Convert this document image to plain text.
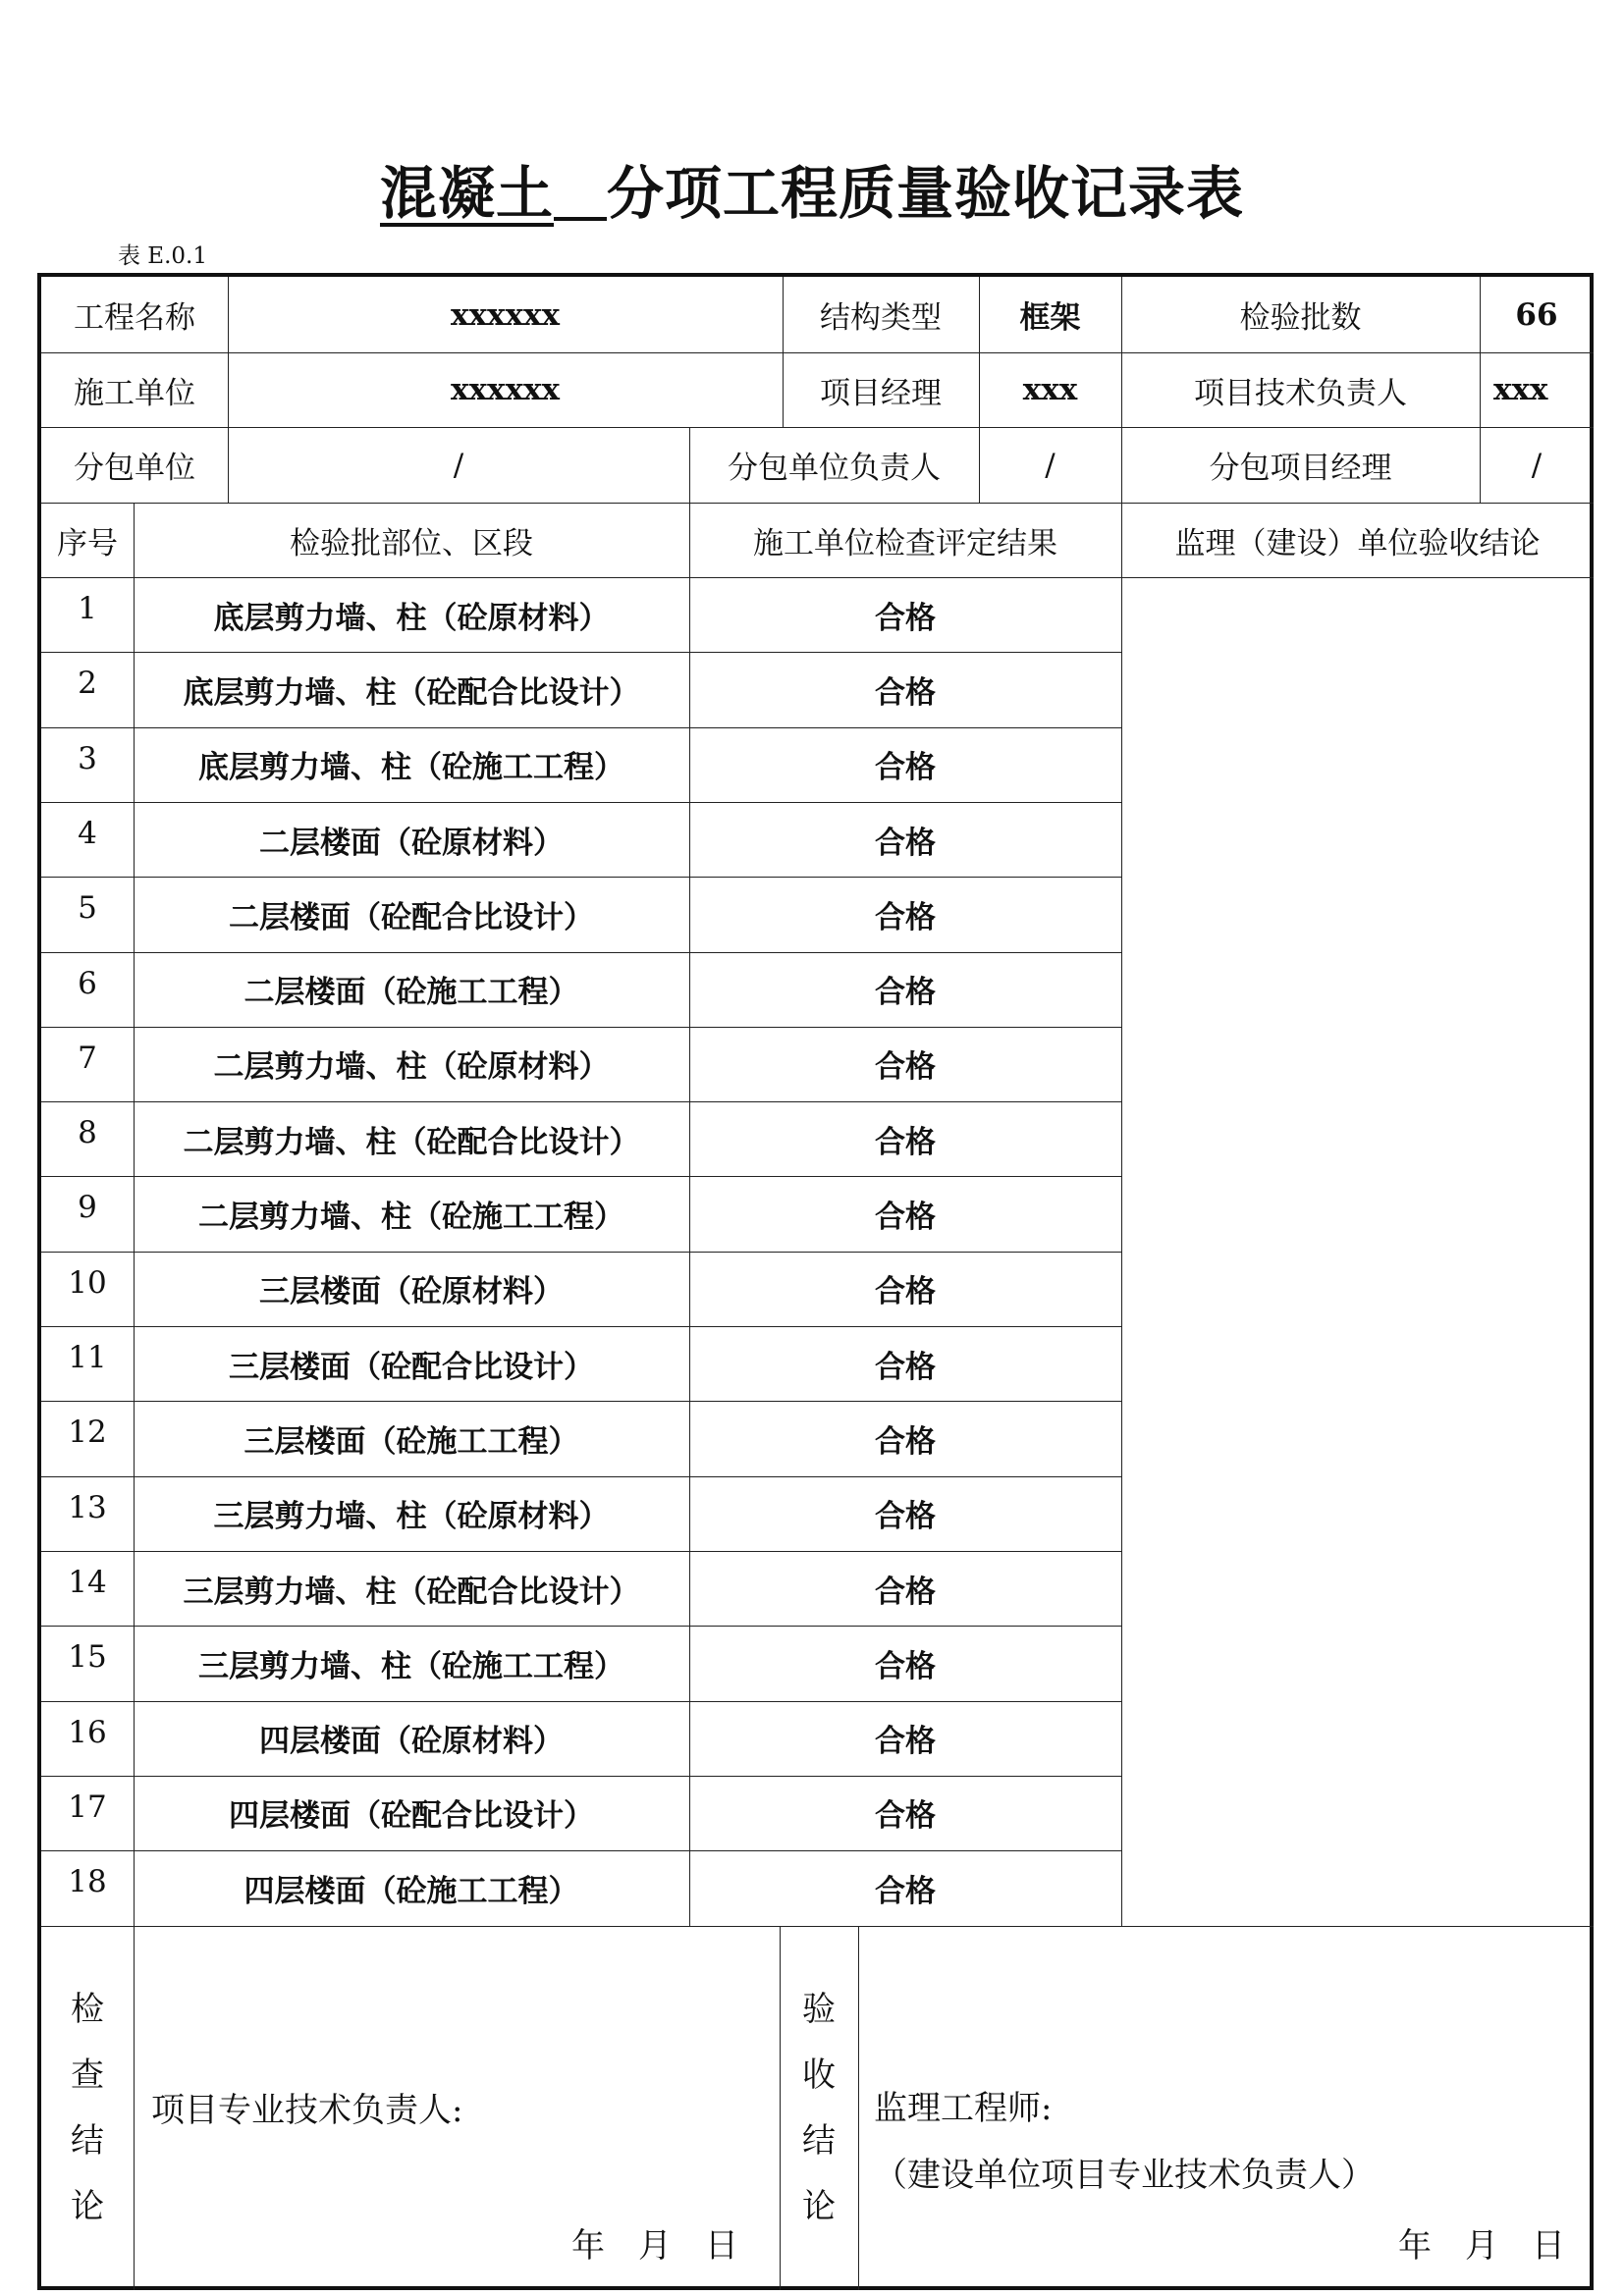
混凝土 分项工程质量验收记录表
表 E.0.1
工程名称	xxxxxx	结构类型	框架	检验批数	66
施工单位	xxxxxx	项目经理	xxx	项目技术负责人	xxx
分包单位	/	分包单位负责人	/	分包项目经理	/
序号	检验批部位、区段	施工单位检查评定结果	监理（建设）单位验收结论
1	底层剪力墙、柱（砼原材料）	合格
2	底层剪力墙、柱（砼配合比设计）	合格
3	底层剪力墙、柱（砼施工工程）	合格
4	二层楼面（砼原材料）	合格
5	二层楼面（砼配合比设计）	合格
6	二层楼面（砼施工工程）	合格
7	二层剪力墙、柱（砼原材料）	合格
8	二层剪力墙、柱（砼配合比设计）	合格
9	二层剪力墙、柱（砼施工工程）	合格
10	三层楼面（砼原材料）	合格
11	三层楼面（砼配合比设计）	合格
12	三层楼面（砼施工工程）	合格
13	三层剪力墙、柱（砼原材料）	合格
14	三层剪力墙、柱（砼配合比设计）	合格
15	三层剪力墙、柱（砼施工工程）	合格
16	四层楼面（砼原材料）	合格
17	四层楼面（砼配合比设计）	合格
18	四层楼面（砼施工工程）	合格
检
查
结
论
项目专业技术负责人:
年　月　日
验
收
结
论
监理工程师:
（建设单位项目专业技术负责人）
年　月　日
